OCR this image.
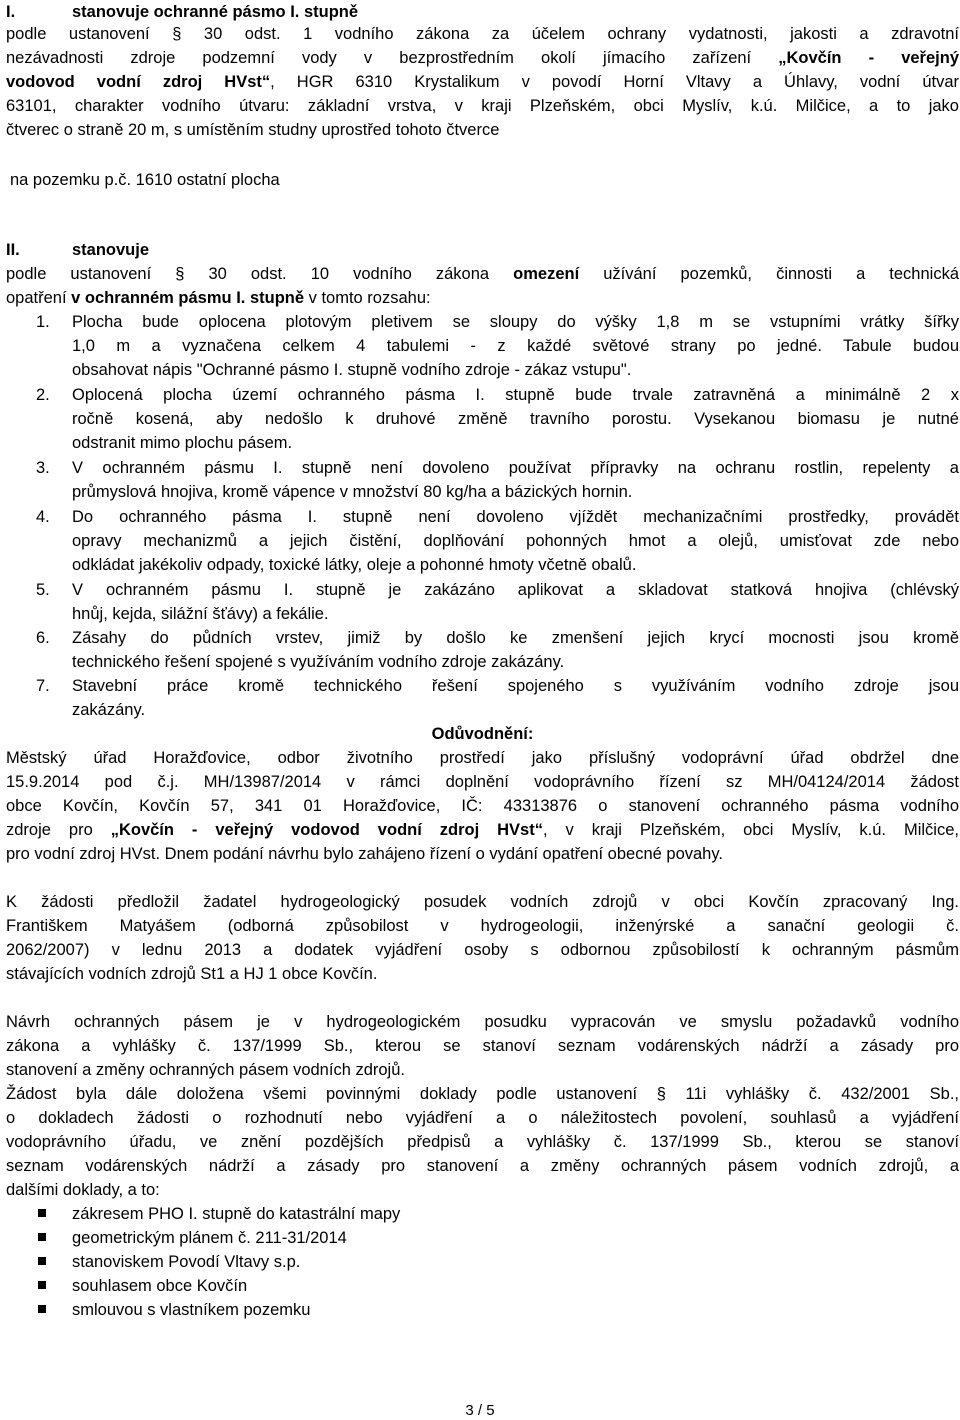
I.	stanovuje ochranné pásmo I. stupně
podle ustanovení § 30 odst. 1 vodního zákona za účelem ochrany vydatnosti, jakosti a zdravotní
nezávadnosti zdroje podzemní vody v bezprostředním okolí jímacího zařízení „Kovčín - veřejný
vodovod vodní zdroj HVst“, HGR 6310 Krystalikum v povodí Horní Vltavy a Úhlavy, vodní útvar
63101, charakter vodního útvaru: základní vrstva, v kraji Plzeňském, obci Myslív, k.ú. Milčice, a to jako
čtverec o straně 20 m, s umístěním studny uprostřed tohoto čtverce
na pozemku p.č. 1610 ostatní plocha
II.	stanovuje
podle ustanovení § 30 odst. 10 vodního zákona omezení užívání pozemků, činnosti a technická
opatření v ochranném pásmu I. stupně v tomto rozsahu:
1. Plocha bude oplocena plotovým pletivem se sloupy do výšky 1,8 m se vstupními vrátky šířky
1,0 m a vyznačena celkem 4 tabulemi - z každé světové strany po jedné. Tabule budou
obsahovat nápis "Ochranné pásmo I. stupně vodního zdroje - zákaz vstupu".
2. Oplocená plocha území ochranného pásma I. stupně bude trvale zatravněná a minimálně 2 x
ročně kosená, aby nedošlo k druhové změně travního porostu. Vysekanou biomasu je nutné
odstranit mimo plochu pásem.
3. V ochranném pásmu I. stupně není dovoleno používat přípravky na ochranu rostlin, repelenty a
průmyslová hnojiva, kromě vápence v množství 80 kg/ha a bázických hornin.
4. Do ochranného pásma I. stupně není dovoleno vjíždět mechanizačními prostředky, provádět
opravy mechanizmů a jejich čistění, doplňování pohonných hmot a olejů, umisťovat zde nebo
odkládat jakékoliv odpady, toxické látky, oleje a pohonné hmoty včetně obalů.
5. V ochranném pásmu I. stupně je zakázáno aplikovat a skladovat statková hnojiva (chlévský
hnůj, kejda, silážní šťávy) a fekálie.
6. Zásahy do půdních vrstev, jimiž by došlo ke zmenšení jejich krycí mocnosti jsou kromě
technického řešení spojené s využíváním vodního zdroje zakázány.
7. Stavební práce kromě technického řešení spojeného s využíváním vodního zdroje jsou
zakázány.
Odůvodnění:
Městský úřad Horažďovice, odbor životního prostředí jako příslušný vodoprávní úřad obdržel dne
15.9.2014 pod č.j. MH/13987/2014 v rámci doplnění vodoprávního řízení sz MH/04124/2014 žádost
obce Kovčín, Kovčín 57, 341 01 Horažďovice, IČ: 43313876 o stanovení ochranného pásma vodního
zdroje pro „Kovčín - veřejný vodovod vodní zdroj HVst“, v kraji Plzeňském, obci Myslív, k.ú. Milčice,
pro vodní zdroj HVst. Dnem podání návrhu bylo zahájeno řízení o vydání opatření obecné povahy.
K žádosti předložil žadatel hydrogeologický posudek vodních zdrojů v obci Kovčín zpracovaný Ing.
Františkem Matyášem (odborná způsobilost v hydrogeologii, inženýrské a sanační geologii č.
2062/2007) v lednu 2013 a dodatek vyjádření osoby s odbornou způsobilostí k ochranným pásmům
stávajících vodních zdrojů St1 a HJ 1 obce Kovčín.
Návrh ochranných pásem je v hydrogeologickém posudku vypracován ve smyslu požadavků vodního
zákona a vyhlášky č. 137/1999 Sb., kterou se stanoví seznam vodárenských nádrží a zásady pro
stanovení a změny ochranných pásem vodních zdrojů.
Žádost byla dále doložena všemi povinnými doklady podle ustanovení § 11i vyhlášky č. 432/2001 Sb.,
o dokladech žádosti o rozhodnutí nebo vyjádření a o náležitostech povolení, souhlasů a vyjádření
vodoprávního úřadu, ve znění pozdějších předpisů a vyhlášky č. 137/1999 Sb., kterou se stanoví
seznam vodárenských nádrží a zásady pro stanovení a změny ochranných pásem vodních zdrojů, a
dalšími doklady, a to:
zákresem PHO I. stupně do katastrální mapy
geometrickým plánem č. 211-31/2014
stanoviskem Povodí Vltavy s.p.
souhlasem obce Kovčín
smlouvou s vlastníkem pozemku
3 / 5
